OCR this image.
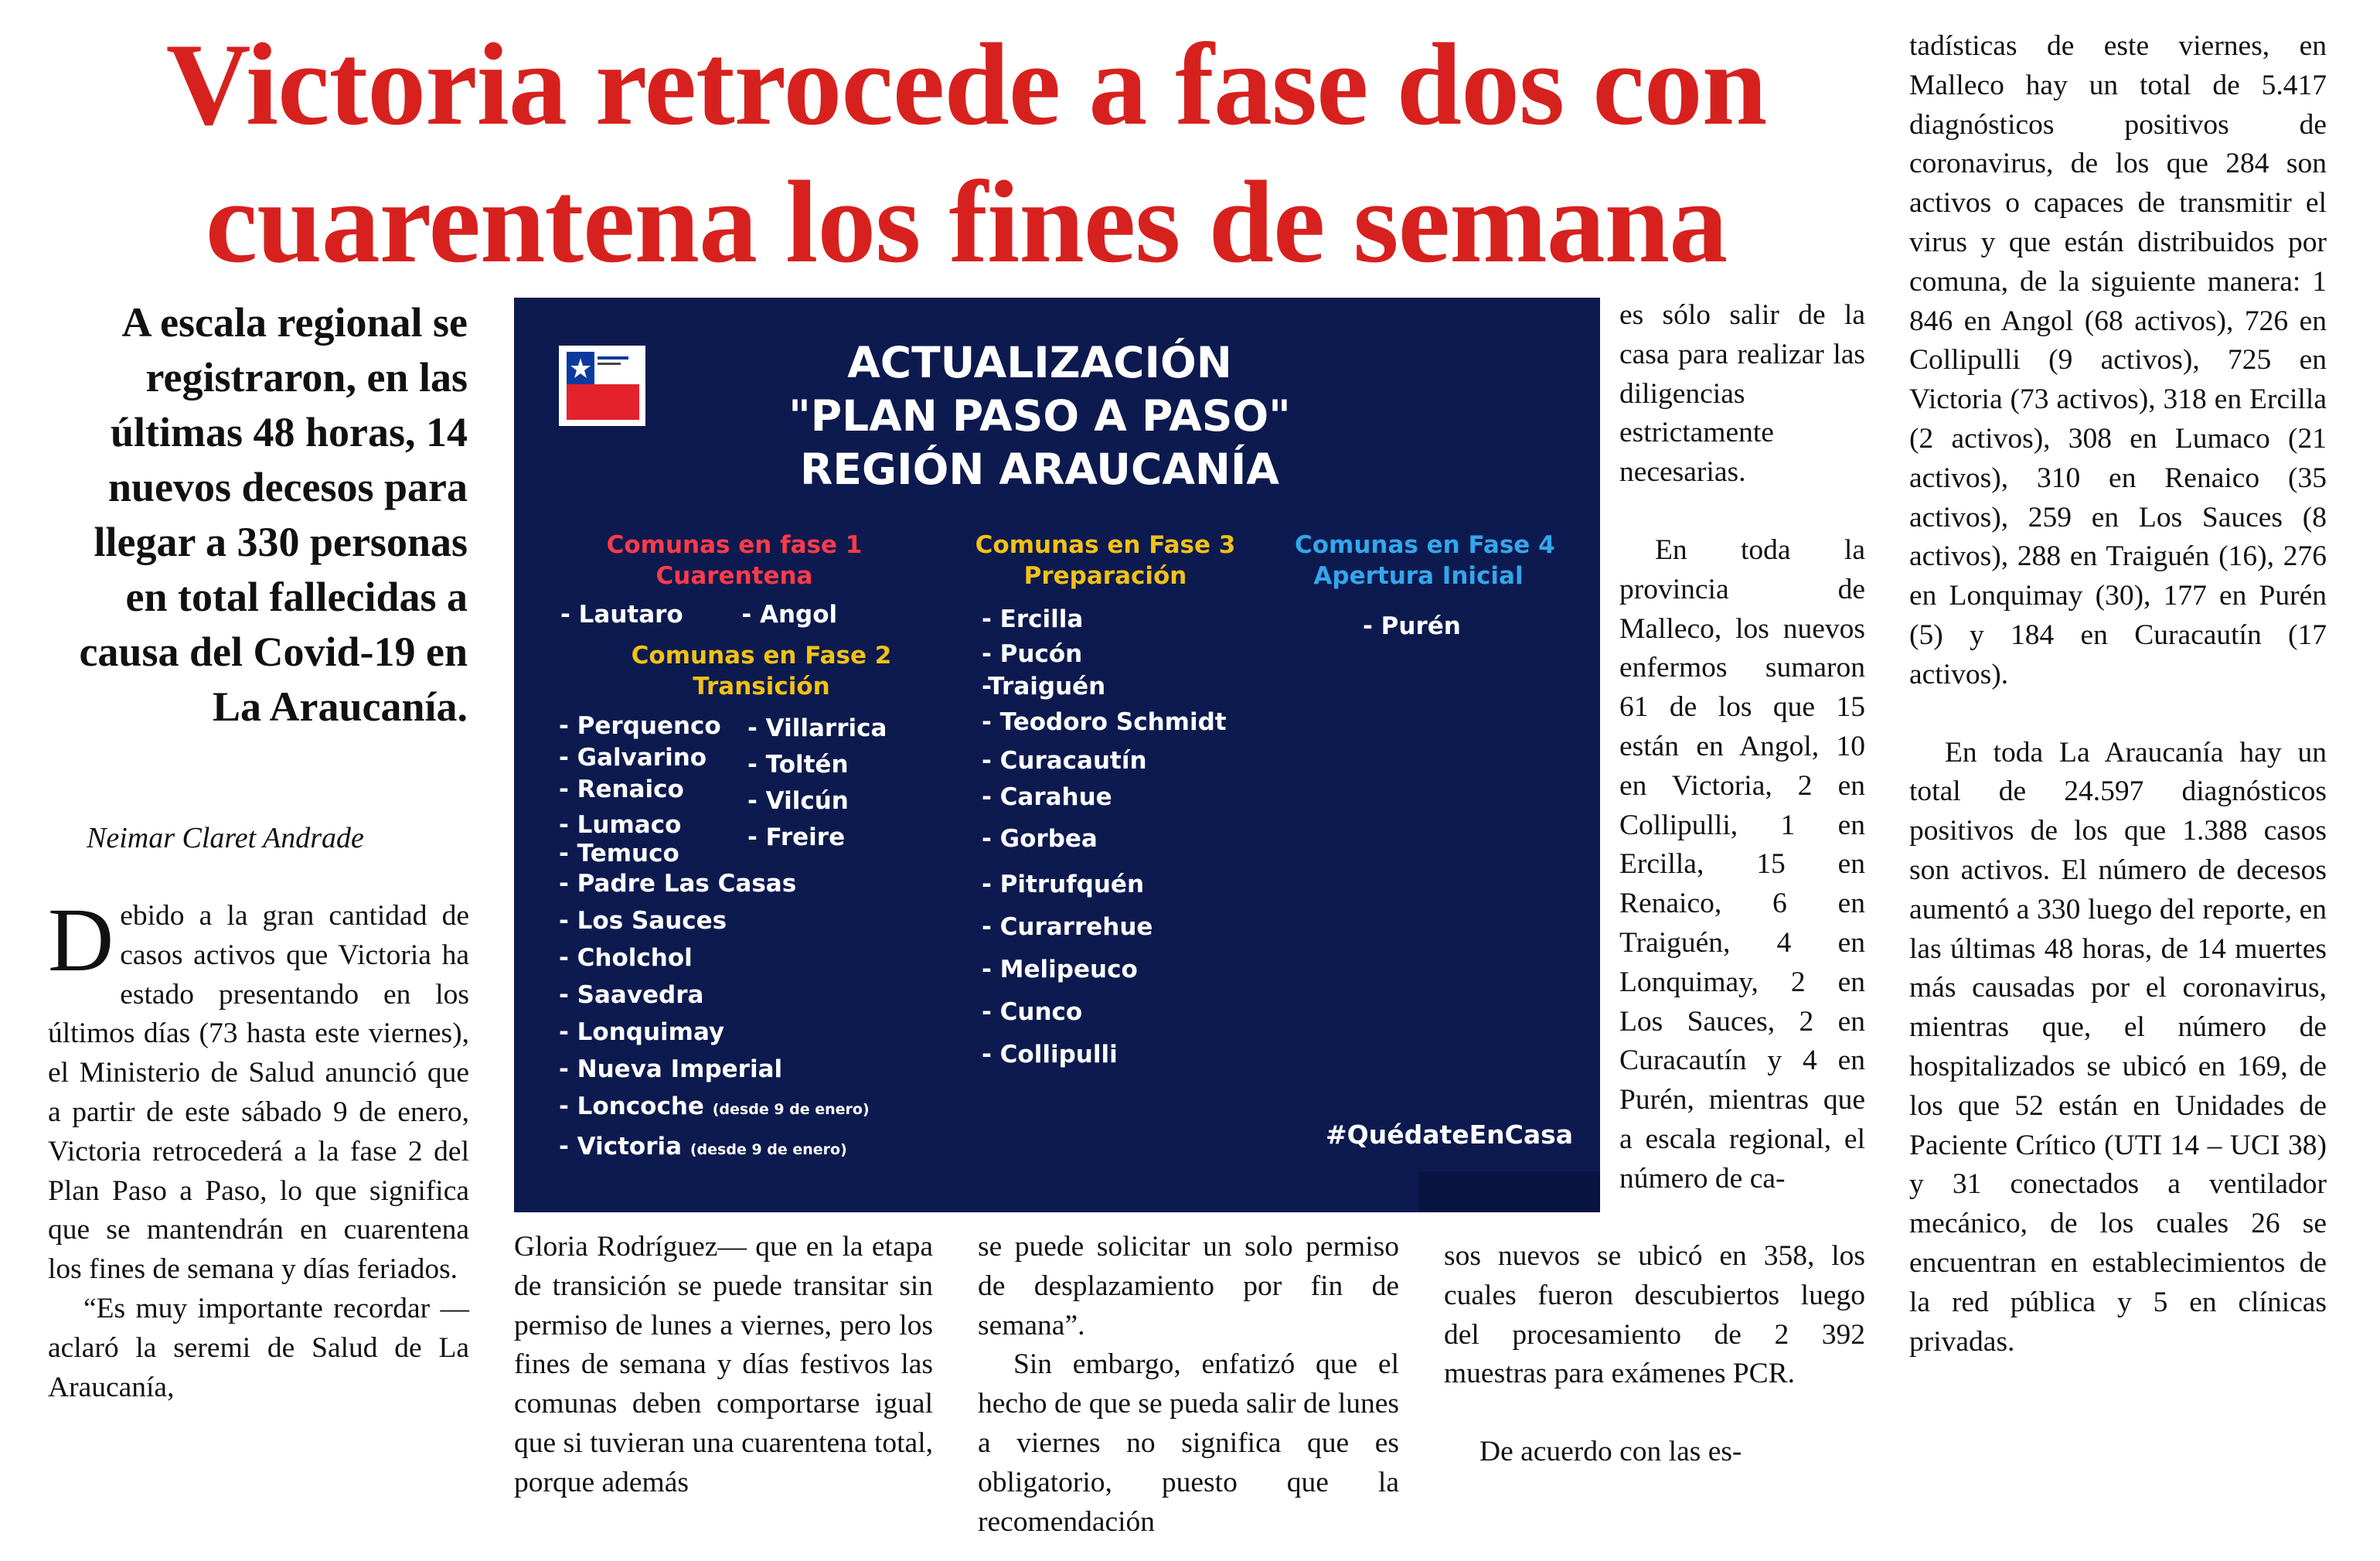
Victoria retrocede a fase dos con
cuarentena los fines de semana
A escala regional se registraron, en las últimas 48 horas, 14 nuevos decesos para llegar a 330 personas en total fallecidas a causa del Covid-19 en La Araucanía.
Neimar Claret Andrade

Debido a la gran cantidad de casos activos que Victoria ha estado presentando en los últimos días (73 hasta este viernes), el Ministerio de Salud anunció que a partir de este sábado 9 de enero, Victoria retrocederá a la fase 2 del Plan Paso a Paso, lo que significa que se mantendrán en cuarentena los fines de semana y días feriados.

“Es muy importante recordar —aclaró la seremi de Salud de La Araucanía,

ACTUALIZACIÓN
"PLAN PASO A PASO"
REGIÓN ARAUCANÍA
Comunas en fase 1
Cuarentena
- Lautaro - Angol
Comunas en Fase 2
Transición
- Perquenco
- Galvarino
- Renaico
- Lumaco
- Temuco
- Padre Las Casas
- Los Sauces
- Cholchol
- Saavedra
- Lonquimay
- Nueva Imperial
- Loncoche (desde 9 de enero)
- Victoria (desde 9 de enero)
- Villarrica
- Toltén
- Vilcún
- Freire
Comunas en Fase 3
Preparación
- Ercilla
- Pucón
-Traiguén
- Teodoro Schmidt
- Curacautín
- Carahue
- Gorbea
- Pitrufquén
- Curarrehue
- Melipeuco
- Cunco
- Collipulli
Comunas en Fase 4
Apertura Inicial
- Purén
#QuédateEnCasa

Gloria Rodríguez— que en la etapa de transición se puede transitar sin permiso de lunes a viernes, pero los fines de semana y días festivos las comunas deben comportarse igual que si tuvieran una cuarentena total, porque además

se puede solicitar un solo permiso de desplazamiento por fin de semana”.

Sin embargo, enfatizó que el hecho de que se pueda salir de lunes a viernes no significa que es obligatorio, puesto que la recomendación

es sólo salir de la casa para realizar las diligencias estrictamente necesarias.

En toda la provincia de Malleco, los nuevos enfermos sumaron 61 de los que 15 están en Angol, 10 en Victoria, 2 en Collipulli, 1 en Ercilla, 15 en Renaico, 6 en Traiguén, 4 en Lonquimay, 2 en Los Sauces, 2 en Curacautín y 4 en Purén, mientras que a escala regional, el número de ca-

sos nuevos se ubicó en 358, los cuales fueron descubiertos luego del procesamiento de 2 392 muestras para exámenes PCR.

De acuerdo con las es-

tadísticas de este viernes, en Malleco hay un total de 5.417 diagnósticos positivos de coronavirus, de los que 284 son activos o capaces de transmitir el virus y que están distribuidos por comuna, de la siguiente manera: 1 846 en Angol (68 activos), 726 en Collipulli (9 activos), 725 en Victoria (73 activos), 318 en Ercilla (2 activos), 308 en Lumaco (21 activos), 310 en Renaico (35 activos), 259 en Los Sauces (8 activos), 288 en Traiguén (16), 276 en Lonquimay (30), 177 en Purén (5) y 184 en Curacautín (17 activos).

En toda La Araucanía hay un total de 24.597 diagnósticos positivos de los que 1.388 casos son activos. El número de decesos aumentó a 330 luego del reporte, en las últimas 48 horas, de 14 muertes más causadas por el coronavirus, mientras que, el número de hospitalizados se ubicó en 169, de los que 52 están en Unidades de Paciente Crítico (UTI 14 – UCI 38) y 31 conectados a ventilador mecánico, de los cuales 26 se encuentran en establecimientos de la red pública y 5 en clínicas privadas.
